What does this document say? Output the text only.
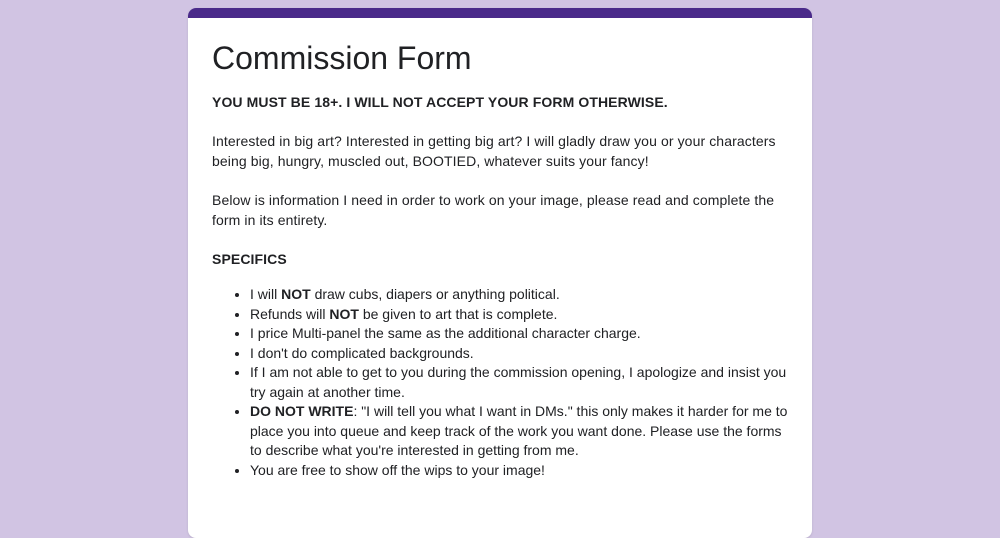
Commission Form

YOU MUST BE 18+. I WILL NOT ACCEPT YOUR FORM OTHERWISE.

Interested in big art? Interested in getting big art? I will gladly draw you or your characters being big, hungry, muscled out, BOOTIED, whatever suits your fancy!

Below is information I need in order to work on your image, please read and complete the form in its entirety.

SPECIFICS

• I will NOT draw cubs, diapers or anything political.
• Refunds will NOT be given to art that is complete.
• I price Multi-panel the same as the additional character charge.
• I don't do complicated backgrounds.
• If I am not able to get to you during the commission opening, I apologize and insist you try again at another time.
• DO NOT WRITE: "I will tell you what I want in DMs." this only makes it harder for me to place you into queue and keep track of the work you want done. Please use the forms to describe what you're interested in getting from me.
• You are free to show off the wips to your image!
